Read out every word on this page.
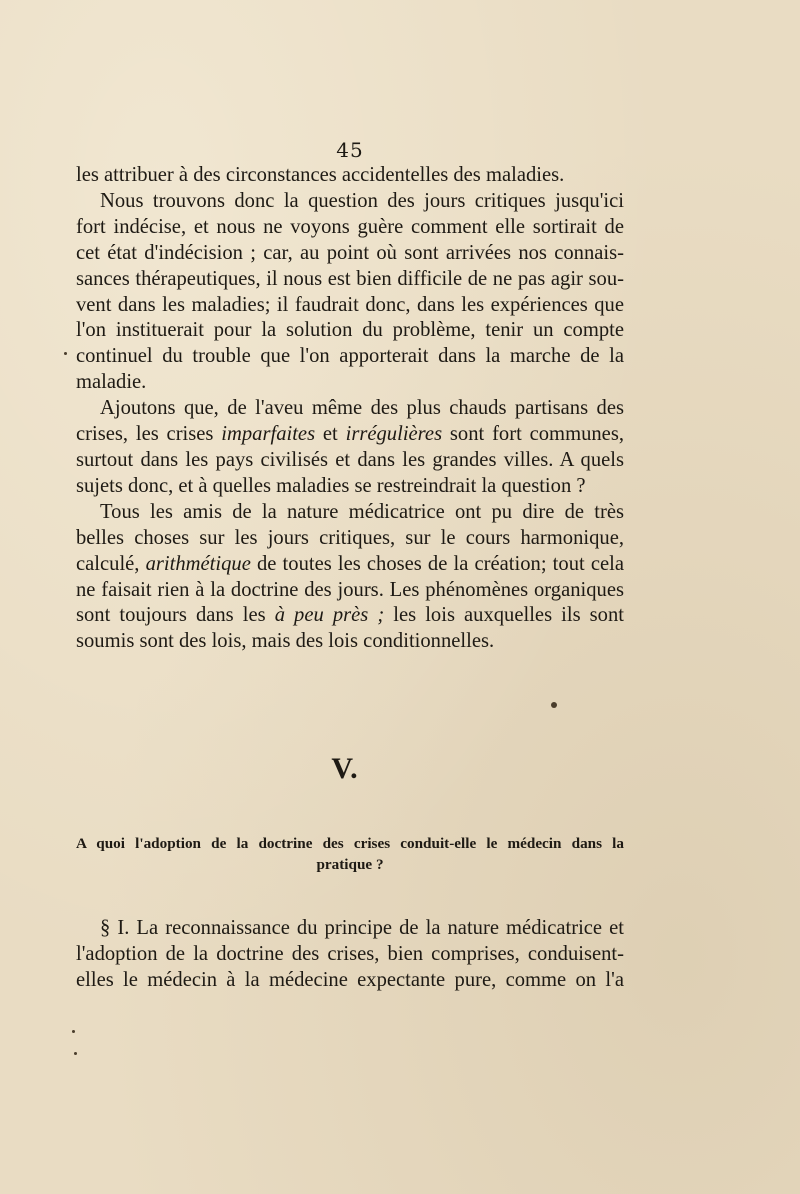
45
les attribuer à des circonstances accidentelles des maladies.
Nous trouvons donc la question des jours critiques jusqu'ici
fort indécise, et nous ne voyons guère comment elle sortirait de
cet état d'indécision ; car, au point où sont arrivées nos connais-
sances thérapeutiques, il nous est bien difficile de ne pas agir sou-
vent dans les maladies; il faudrait donc, dans les expériences que
l'on instituerait pour la solution du problème, tenir un compte
continuel du trouble que l'on apporterait dans la marche de la
maladie.
Ajoutons que, de l'aveu même des plus chauds partisans des
crises, les crises imparfaites et irrégulières sont fort communes,
surtout dans les pays civilisés et dans les grandes villes. A quels
sujets donc, et à quelles maladies se restreindrait la question ?
Tous les amis de la nature médicatrice ont pu dire de très
belles choses sur les jours critiques, sur le cours harmonique,
calculé, arithmétique de toutes les choses de la création; tout cela
ne faisait rien à la doctrine des jours. Les phénomènes organiques
sont toujours dans les à peu près ; les lois auxquelles ils sont
soumis sont des lois, mais des lois conditionnelles.
V.
A quoi l'adoption de la doctrine des crises conduit-elle le médecin dans la
pratique ?
§ I. La reconnaissance du principe de la nature médicatrice et
l'adoption de la doctrine des crises, bien comprises, conduisent-
elles le médecin à la médecine expectante pure, comme on l'a
